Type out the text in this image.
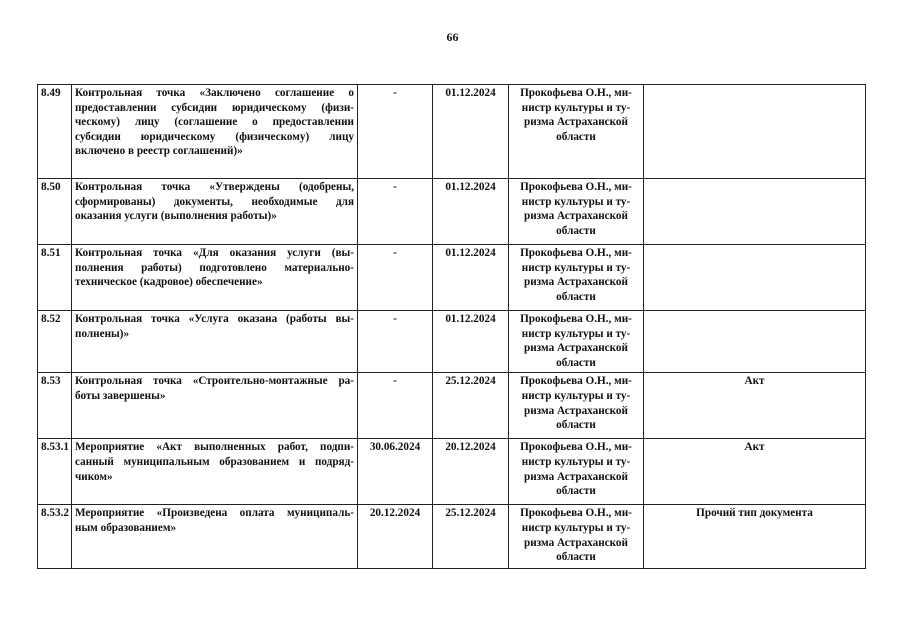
66
8.49	Контрольная точка «Заключено соглашение о
предоставлении субсидии юридическому (физи-
ческому) лицу (соглашение о предоставлении
субсидии юридическому (физическому) лицу
включено в реестр соглашений)»	-	01.12.2024	Прокофьева О.Н., ми-
нистр культуры и ту-
ризма Астраханской
области	

8.50	Контрольная точка «Утверждены (одобрены,
сформированы) документы, необходимые для
оказания услуги (выполнения работы)»	-	01.12.2024	Прокофьева О.Н., ми-
нистр культуры и ту-
ризма Астраханской
области	

8.51	Контрольная точка «Для оказания услуги (вы-
полнения работы) подготовлено материально-
техническое (кадровое) обеспечение»	-	01.12.2024	Прокофьева О.Н., ми-
нистр культуры и ту-
ризма Астраханской
области	

8.52	Контрольная точка «Услуга оказана (работы вы-
полнены)»	-	01.12.2024	Прокофьева О.Н., ми-
нистр культуры и ту-
ризма Астраханской
области	

8.53	Контрольная точка «Строительно-монтажные ра-
боты завершены»	-	25.12.2024	Прокофьева О.Н., ми-
нистр культуры и ту-
ризма Астраханской
области	Акт
8.53.1	Мероприятие «Акт выполненных работ, подпи-
санный муниципальным образованием и подряд-
чиком»	30.06.2024	20.12.2024	Прокофьева О.Н., ми-
нистр культуры и ту-
ризма Астраханской
области	Акт
8.53.2	Мероприятие «Произведена оплата муниципаль-
ным образованием»	20.12.2024	25.12.2024	Прокофьева О.Н., ми-
нистр культуры и ту-
ризма Астраханской
области	Прочий тип документа
